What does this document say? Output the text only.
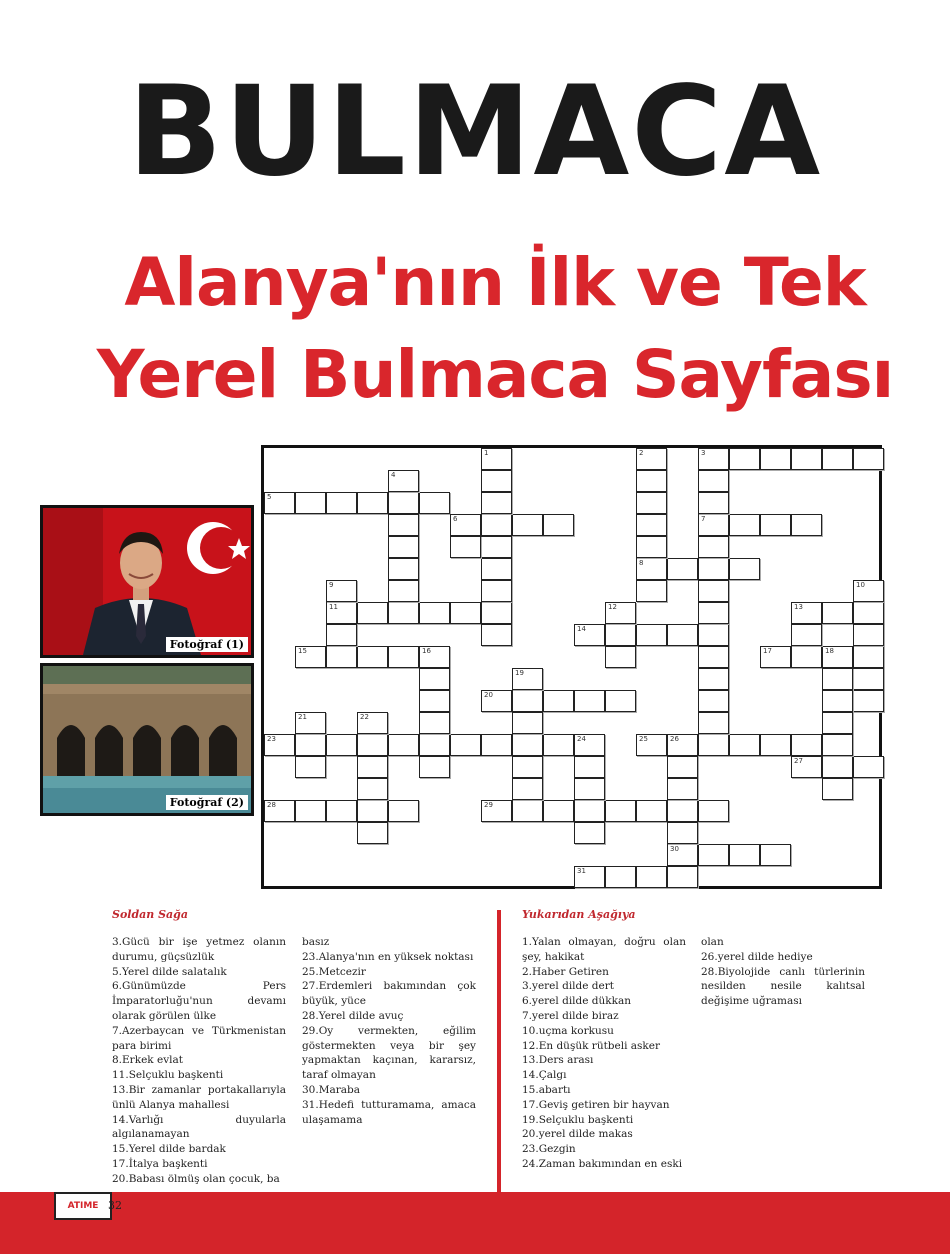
BULMACA
Alanya'nın İlk ve Tek
Yerel Bulmaca Sayfası
Fotoğraf (1)
Fotoğraf (2)
5
6	7
8
11	13
14
15	16	17	18
20
23	25	26
27
28	29
30
31
1	2	3
4
10
12
19
21	22
24
9
Soldan Sağa	Yukarıdan Aşağıya
3.Gücü bir işe yetmez olanın durumu, güçsüzlük
5.Yerel dilde salatalık
6.Günümüzde Pers İmparatorluğu'nun devamı olarak görülen ülke
7.Azerbaycan ve Türkmenistan para birimi
8.Erkek evlat
11.Selçuklu başkenti
13.Bir zamanlar portakallarıyla ünlü Alanya mahallesi
14.Varlığı duyularla algılanamayan
15.Yerel dilde bardak
17.İtalya başkenti
20.Babası ölmüş olan çocuk, ba
basız
23.Alanya'nın en yüksek noktası
25.Metcezir
27.Erdemleri bakımından çok büyük, yüce
28.Yerel dilde avuç
29.Oy vermekten, eğilim göstermekten veya bir şey yapmaktan kaçınan, kararsız, taraf olmayan
30.Maraba
31.Hedefi tutturamama, amaca ulaşamama
1.Yalan olmayan, doğru olan şey, hakikat
2.Haber Getiren
3.yerel dilde dert
6.yerel dilde dükkan
7.yerel dilde biraz
10.uçma korkusu
12.En düşük rütbeli asker
13.Ders arası
14.Çalgı
15.abartı
17.Geviş getiren bir hayvan
19.Selçuklu başkenti
20.yerel dilde makas
23.Gezgin
24.Zaman bakımından en eski
olan
26.yerel dilde hediye
28.Biyolojide canlı türlerinin nesilden nesile kalıtsal değişime uğraması
ATIME 32
